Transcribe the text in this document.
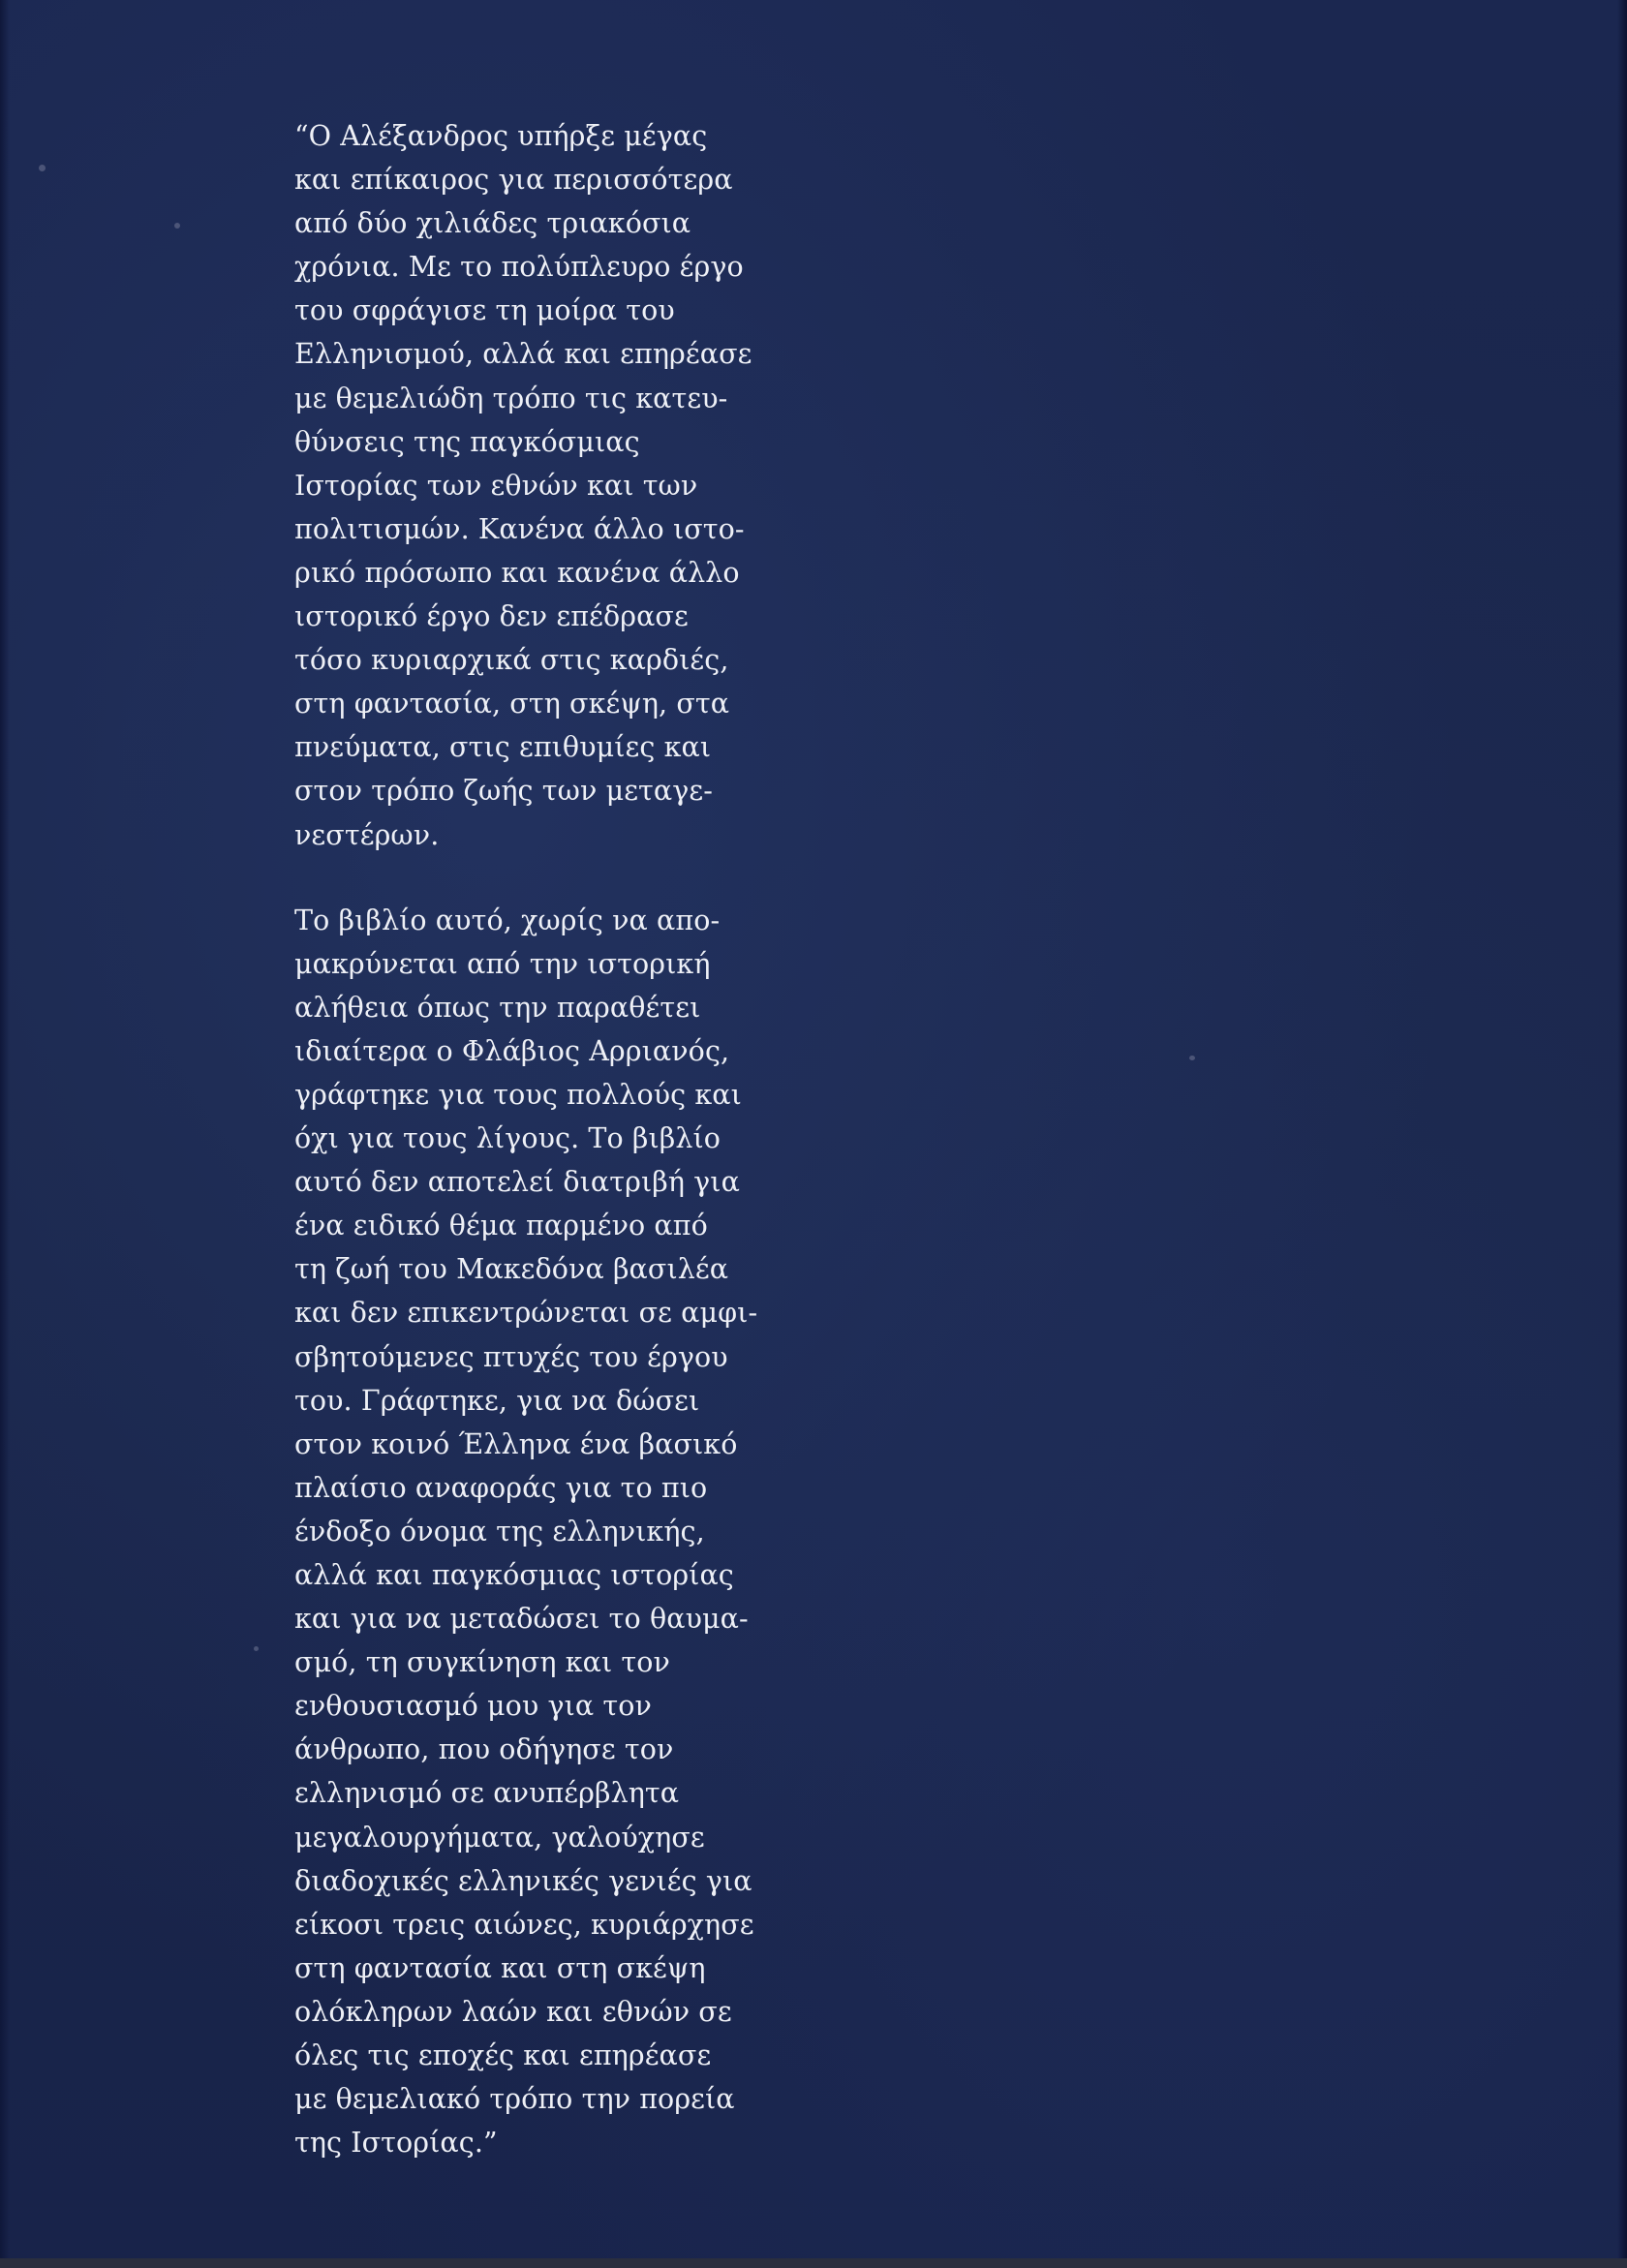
“Ο Αλέξανδρος υπήρξε μέγας
και επίκαιρος για περισσότερα
από δύο χιλιάδες τριακόσια
χρόνια. Με το πολύπλευρο έργο
του σφράγισε τη μοίρα του
Ελληνισμού, αλλά και επηρέασε
με θεμελιώδη τρόπο τις κατευ-
θύνσεις της παγκόσμιας
Ιστορίας των εθνών και των
πολιτισμών. Κανένα άλλο ιστο-
ρικό πρόσωπο και κανένα άλλο
ιστορικό έργο δεν επέδρασε
τόσο κυριαρχικά στις καρδιές,
στη φαντασία, στη σκέψη, στα
πνεύματα, στις επιθυμίες και
στον τρόπο ζωής των μεταγε-
νεστέρων.

Το βιβλίο αυτό, χωρίς να απο-
μακρύνεται από την ιστορική
αλήθεια όπως την παραθέτει
ιδιαίτερα ο Φλάβιος Αρριανός,
γράφτηκε για τους πολλούς και
όχι για τους λίγους. Το βιβλίο
αυτό δεν αποτελεί διατριβή για
ένα ειδικό θέμα παρμένο από
τη ζωή του Μακεδόνα βασιλέα
και δεν επικεντρώνεται σε αμφι-
σβητούμενες πτυχές του έργου
του. Γράφτηκε, για να δώσει
στον κοινό Έλληνα ένα βασικό
πλαίσιο αναφοράς για το πιο
ένδοξο όνομα της ελληνικής,
αλλά και παγκόσμιας ιστορίας
και για να μεταδώσει το θαυμα-
σμό, τη συγκίνηση και τον
ενθουσιασμό μου για τον
άνθρωπο, που οδήγησε τον
ελληνισμό σε ανυπέρβλητα
μεγαλουργήματα, γαλούχησε
διαδοχικές ελληνικές γενιές για
είκοσι τρεις αιώνες, κυριάρχησε
στη φαντασία και στη σκέψη
ολόκληρων λαών και εθνών σε
όλες τις εποχές και επηρέασε
με θεμελιακό τρόπο την πορεία
της Ιστορίας.”
